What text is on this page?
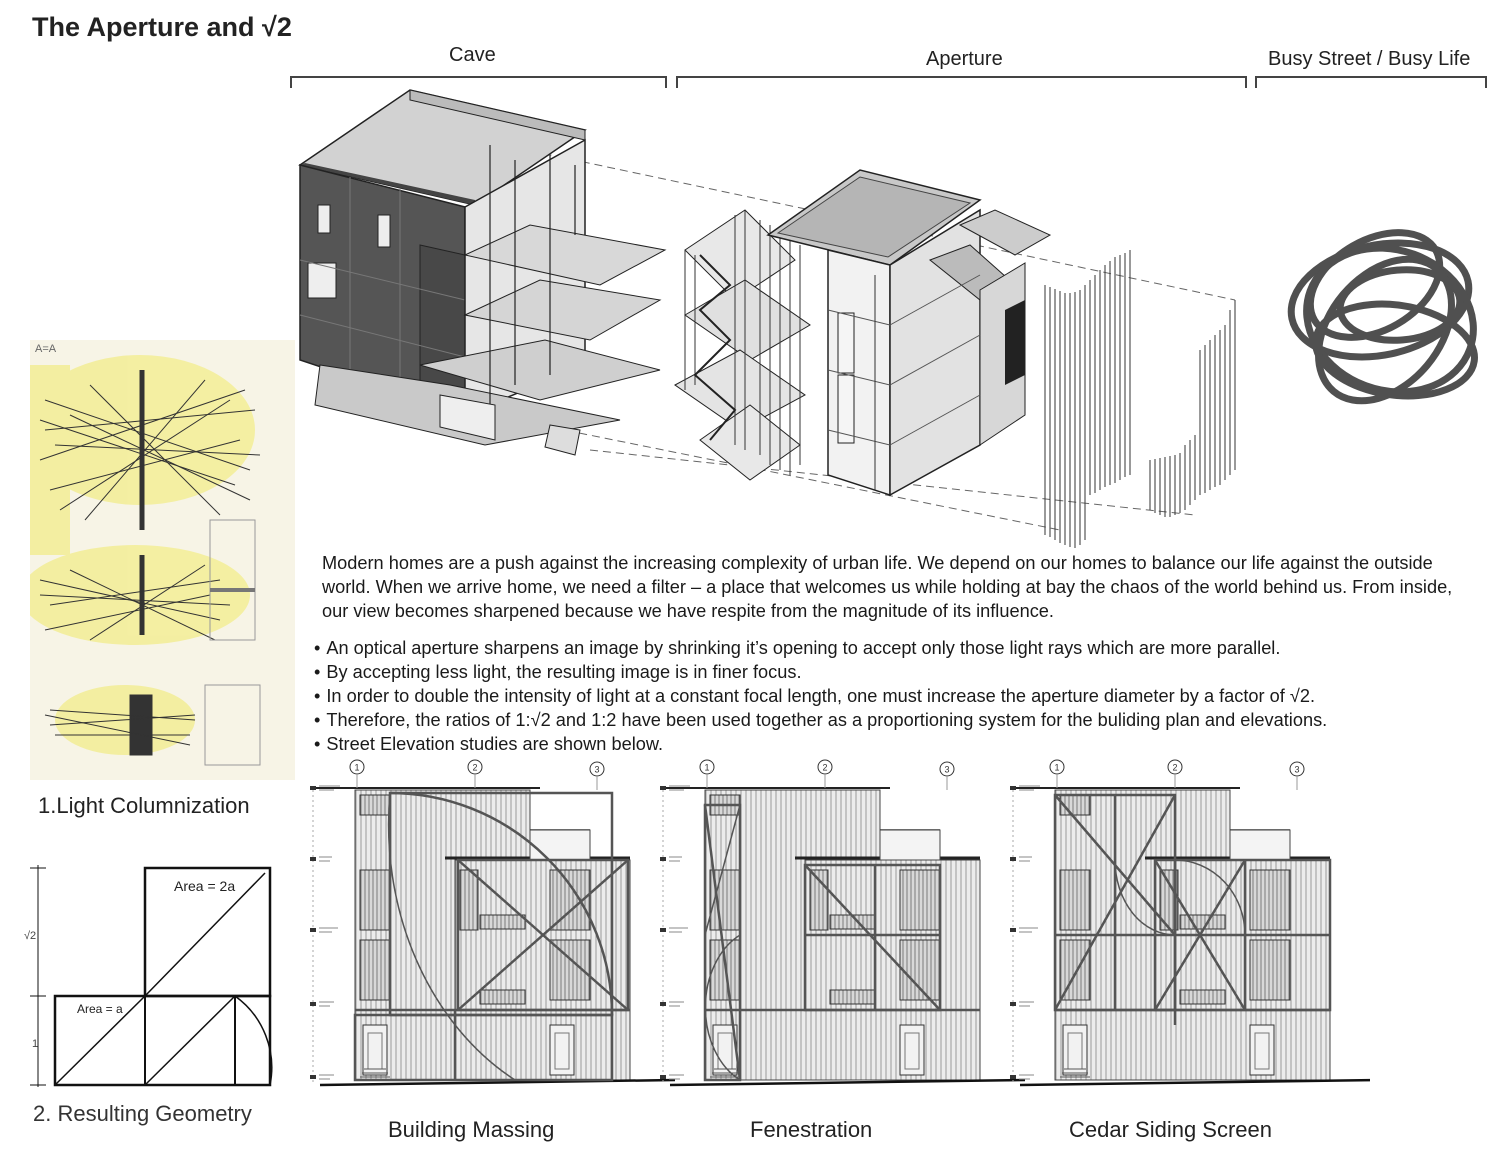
The Aperture and √2
Cave	Aperture	Busy Street / Busy Life
A=A
1.Light Columnization
Area = 2a
Area = a
√2
1
2. Resulting Geometry
Modern homes are a push against the increasing complexity of urban life. We depend on our homes to balance our life against the outside world. When we arrive home, we need a filter – a place that welcomes us while holding at bay the chaos of the world behind us. From inside, our view becomes sharpened because we have respite from the magnitude of its influence.
• An optical aperture sharpens an image by shrinking it’s opening to accept only those light rays which are more parallel.
• By accepting less light, the resulting image is in finer focus.
• In order to double the intensity of light at a constant focal length, one must increase the aperture diameter by a factor of √2.
• Therefore, the ratios of 1:√2 and 1:2 have been used together as a proportioning system for the buliding plan and elevations.
• Street Elevation studies are shown below.
Building Massing	Fenestration	Cedar Siding Screen
